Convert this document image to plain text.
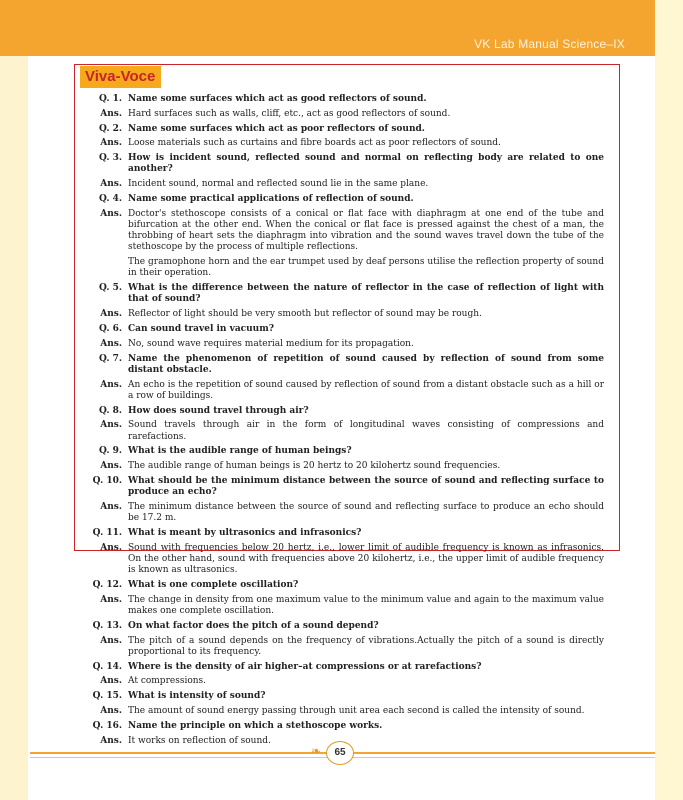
VK Lab Manual Science–IX
Viva-Voce
Q. 1. Name some surfaces which act as good reflectors of sound.
Ans. Hard surfaces such as walls, cliff, etc., act as good reflectors of sound.
Q. 2. Name some surfaces which act as poor reflectors of sound.
Ans. Loose materials such as curtains and fibre boards act as poor reflectors of sound.
Q. 3. How is incident sound, reflected sound and normal on reflecting body are related to one another?
Ans. Incident sound, normal and reflected sound lie in the same plane.
Q. 4. Name some practical applications of reflection of sound.
Ans. Doctor's stethoscope consists of a conical or flat face with diaphragm at one end of the tube and bifurcation at the other end. When the conical or flat face is pressed against the chest of a man, the throbbing of heart sets the diaphragm into vibration and the sound waves travel down the tube of the stethoscope by the process of multiple reflections.
The gramophone horn and the ear trumpet used by deaf persons utilise the reflection property of sound in their operation.
Q. 5. What is the difference between the nature of reflector in the case of reflection of light with that of sound?
Ans. Reflector of light should be very smooth but reflector of sound may be rough.
Q. 6. Can sound travel in vacuum?
Ans. No, sound wave requires material medium for its propagation.
Q. 7. Name the phenomenon of repetition of sound caused by reflection of sound from some distant obstacle.
Ans. An echo is the repetition of sound caused by reflection of sound from a distant obstacle such as a hill or a row of buildings.
Q. 8. How does sound travel through air?
Ans. Sound travels through air in the form of longitudinal waves consisting of compressions and rarefactions.
Q. 9. What is the audible range of human beings?
Ans. The audible range of human beings is 20 hertz to 20 kilohertz sound frequencies.
Q. 10. What should be the minimum distance between the source of sound and reflecting surface to produce an echo?
Ans. The minimum distance between the source of sound and reflecting surface to produce an echo should be 17.2 m.
Q. 11. What is meant by ultrasonics and infrasonics?
Ans. Sound with frequencies below 20 hertz, i.e., lower limit of audible frequency is known as infrasonics. On the other hand, sound with frequencies above 20 kilohertz, i.e., the upper limit of audible frequency is known as ultrasonics.
Q. 12. What is one complete oscillation?
Ans. The change in density from one maximum value to the minimum value and again to the maximum value makes one complete oscillation.
Q. 13. On what factor does the pitch of a sound depend?
Ans. The pitch of a sound depends on the frequency of vibrations.Actually the pitch of a sound is directly proportional to its frequency.
Q. 14. Where is the density of air higher–at compressions or at rarefactions?
Ans. At compressions.
Q. 15. What is intensity of sound?
Ans. The amount of sound energy passing through unit area each second is called the intensity of sound.
Q. 16. Name the principle on which a stethoscope works.
Ans. It works on reflection of sound.
❧	65
